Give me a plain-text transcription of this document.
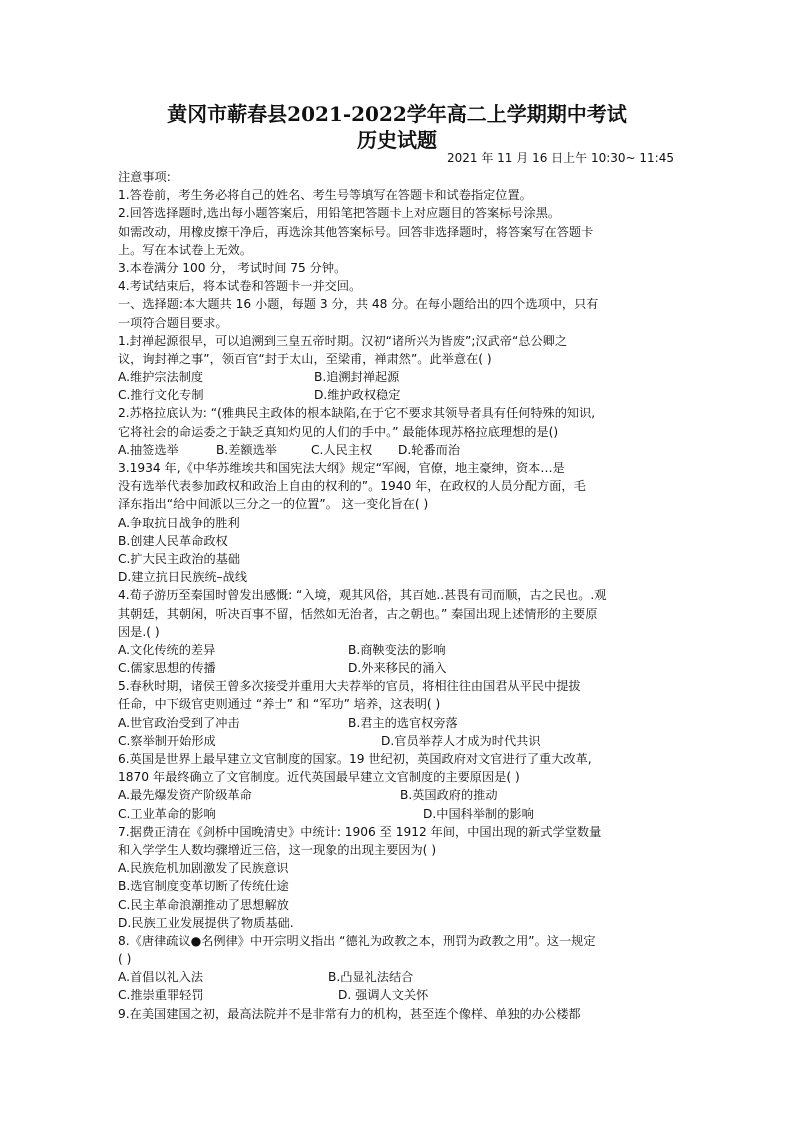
黄冈市蕲春县2021-2022学年高二上学期期中考试
历史试题
2021 年 11 月 16 日上午 10:30~ 11:45
注意事项:
1.答卷前，考生务必将自己的姓名、考生号等填写在答题卡和试卷指定位置。
2.回答选择题时,选出每小题答案后，用铅笔把答题卡上对应题目的答案标号涂黑。
如需改动，用橡皮擦干净后，再选涂其他答案标号。回答非选择题时，将答案写在答题卡
上。写在本试卷上无效。
3.本卷满分 100 分， 考试时间 75 分钟。
4.考试结束后，将本试卷和答题卡一并交回。
一、选择题:本大题共 16 小题，每题 3 分，共 48 分。在每小题给出的四个选项中，只有
一项符合题目要求。
1.封禅起源很早，可以追溯到三皇五帝时期。汉初“诸所兴为皆废”;汉武帝“总公卿之
议，询封禅之事”，领百官“封于太山，至梁甫，禅肃然”。此举意在( )
A.维护宗法制度	B.追溯封禅起源
C.推行文化专制	D.维护政权稳定
2.苏格拉底认为: “(雅典民主政体的根本缺陷,在于它不要求其领导者具有任何特殊的知识,
它将社会的命运委之于缺乏真知灼见的人们的手中。” 最能体现苏格拉底理想的是()
A.抽签选举	B.差额选举	C.人民主权	D.轮番而治
3.1934 年,《中华苏维埃共和国宪法大纲》规定“军阀，官僚，地主豪绅，资本…是
没有选举代表参加政权和政治上自由的权利的”。1940 年，在政权的人员分配方面，毛
泽东指出“给中间派以三分之一的位置”。 这一变化旨在( )
A.争取抗日战争的胜利
B.创建人民革命政权
C.扩大民主政治的基础
D.建立抗日民族统–战线
4.荀子游历至秦国时曾发出感慨: “入境，观其风俗，其百她..甚畏有司而顺，古之民也。.观
其朝廷，其朝闲，听决百事不留，恬然如无治者，古之朝也。” 秦国出现上述情形的主要原
因是.( )
A.文化传统的差异	B.商鞅变法的影响
C.儒家思想的传播	D.外来移民的涌入
5.春秋时期，诸侯王曾多次接受并重用大夫荐举的官员，将相往往由国君从平民中提拔
任命，中下级官吏则通过 “养士” 和 “军功” 培养，这表明( )
A.世官政治受到了冲击	B.君主的选官权旁落
C.察举制开始形成	D.官员举荐人才成为时代共识
6.英国是世界上最早建立文官制度的国家。19 世纪初，英国政府对文官进行了重大改革,
1870 年最终确立了文官制度。近代英国最早建立文官制度的主要原因是( )
A.最先爆发资产阶级革命	B.英国政府的推动
C.工业革命的影响	D.中国科举制的影响
7.据费正清在《剑桥中国晚清史》中统计: 1906 至 1912 年间，中国出现的新式学堂数量
和入学学生人数均骤增近三倍，这一现象的出现主要因为( )
A.民族危机加剧激发了民族意识
B.选官制度变革切断了传统仕途
C.民主革命浪潮推动了思想解放
D.民族工业发展提供了物质基础.
8.《唐律疏议●名例律》中开宗明义指出 “德礼为政教之本，刑罚为政教之用”。这一规定
( )
A.首倡以礼入法	B.凸显礼法结合
C.推崇重罪轻罚	D. 强调人文关怀
9.在美国建国之初，最高法院并不是非常有力的机构，甚至连个像样、单独的办公楼都
